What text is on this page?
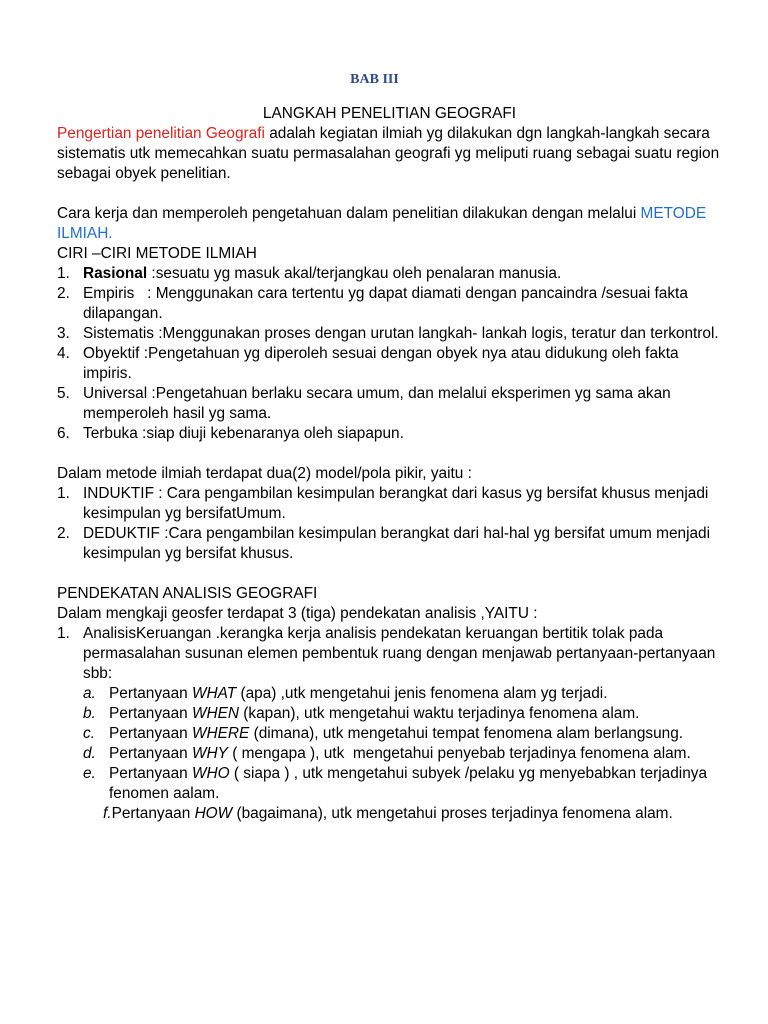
BAB III
LANGKAH PENELITIAN GEOGRAFI

Pengertian penelitian Geografi adalah kegiatan ilmiah yg dilakukan dgn langkah-langkah secara sistematis utk memecahkan suatu permasalahan geografi yg meliputi ruang sebagai suatu region sebagai obyek penelitian.

Cara kerja dan memperoleh pengetahuan dalam penelitian dilakukan dengan melalui METODE ILMIAH.

CIRI –CIRI METODE ILMIAH

1. Rasional :sesuatu yg masuk akal/terjangkau oleh penalaran manusia.
2. Empiris   : Menggunakan cara tertentu yg dapat diamati dengan pancaindra /sesuai fakta dilapangan.
3. Sistematis :Menggunakan proses dengan urutan langkah- lankah logis, teratur dan terkontrol.
4. Obyektif :Pengetahuan yg diperoleh sesuai dengan obyek nya atau didukung oleh fakta impiris.
5. Universal :Pengetahuan berlaku secara umum, dan melalui eksperimen yg sama akan memperoleh hasil yg sama.
6. Terbuka :siap diuji kebenaranya oleh siapapun.

Dalam metode ilmiah terdapat dua(2) model/pola pikir, yaitu :

1. INDUKTIF : Cara pengambilan kesimpulan berangkat dari kasus yg bersifat khusus menjadi kesimpulan yg bersifatUmum.
2. DEDUKTIF :Cara pengambilan kesimpulan berangkat dari hal-hal yg bersifat umum menjadi kesimpulan yg bersifat khusus.

PENDEKATAN ANALISIS GEOGRAFI

Dalam mengkaji geosfer terdapat 3 (tiga) pendekatan analisis ,YAITU :

1. AnalisisKeruangan .kerangka kerja analisis pendekatan keruangan bertitik tolak pada permasalahan susunan elemen pembentuk ruang dengan menjawab pertanyaan-pertanyaan sbb:
a. Pertanyaan WHAT (apa) ,utk mengetahui jenis fenomena alam yg terjadi.
b. Pertanyaan WHEN (kapan), utk mengetahui waktu terjadinya fenomena alam.
c. Pertanyaan WHERE (dimana), utk mengetahui tempat fenomena alam berlangsung.
d. Pertanyaan WHY ( mengapa ), utk  mengetahui penyebab terjadinya fenomena alam.
e. Pertanyaan WHO ( siapa ) , utk mengetahui subyek /pelaku yg menyebabkan terjadinya fenomen aalam.
f.Pertanyaan HOW (bagaimana), utk mengetahui proses terjadinya fenomena alam.
